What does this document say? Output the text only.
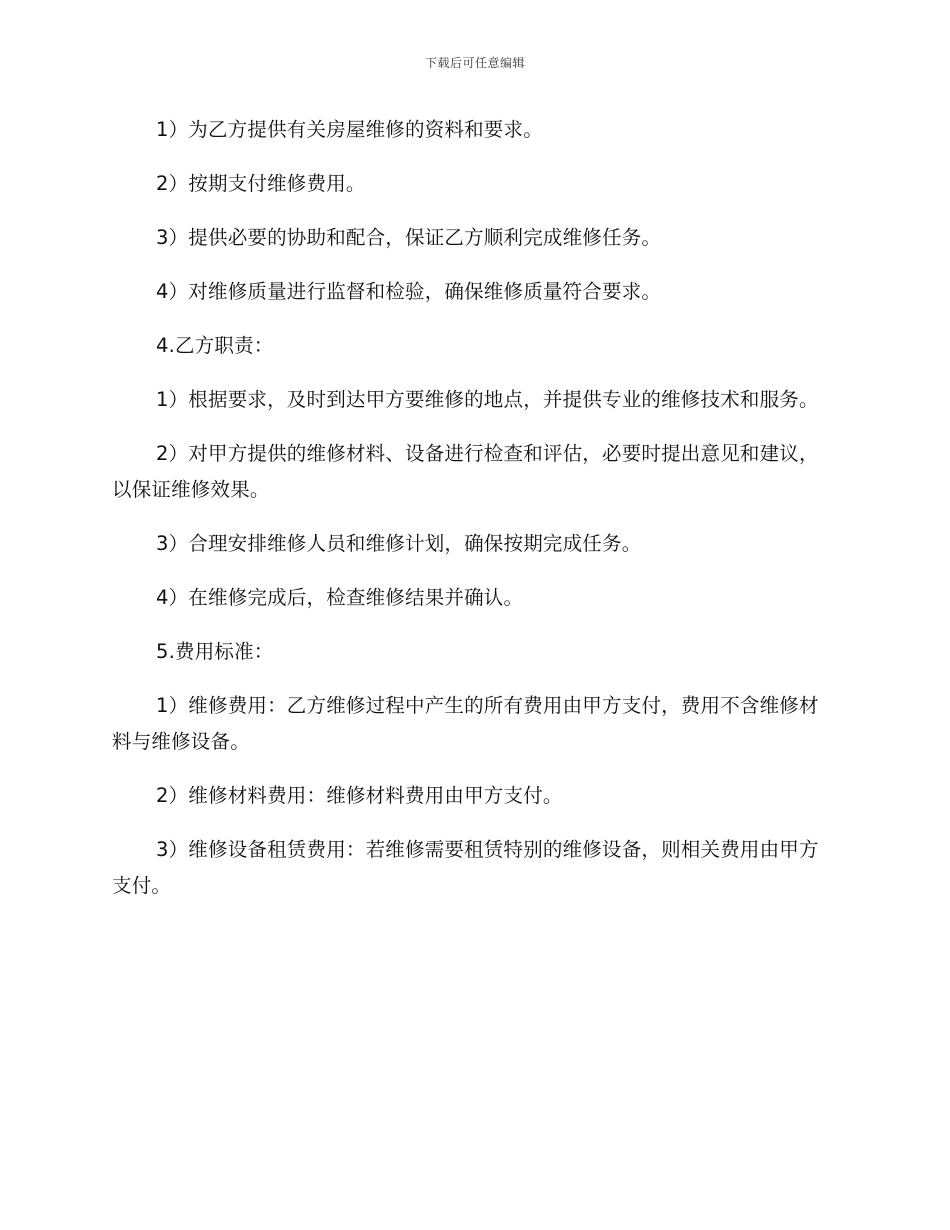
下载后可任意编辑

1）为乙方提供有关房屋维修的资料和要求。

2）按期支付维修费用。

3）提供必要的协助和配合，保证乙方顺利完成维修任务。

4）对维修质量进行监督和检验，确保维修质量符合要求。

4.乙方职责：

1）根据要求，及时到达甲方要维修的地点，并提供专业的维修技术和服务。

2）对甲方提供的维修材料、设备进行检查和评估，必要时提出意见和建议，以保证维修效果。

3）合理安排维修人员和维修计划，确保按期完成任务。

4）在维修完成后，检查维修结果并确认。

5.费用标准：

1）维修费用：乙方维修过程中产生的所有费用由甲方支付，费用不含维修材料与维修设备。

2）维修材料费用：维修材料费用由甲方支付。

3）维修设备租赁费用：若维修需要租赁特别的维修设备，则相关费用由甲方支付。
